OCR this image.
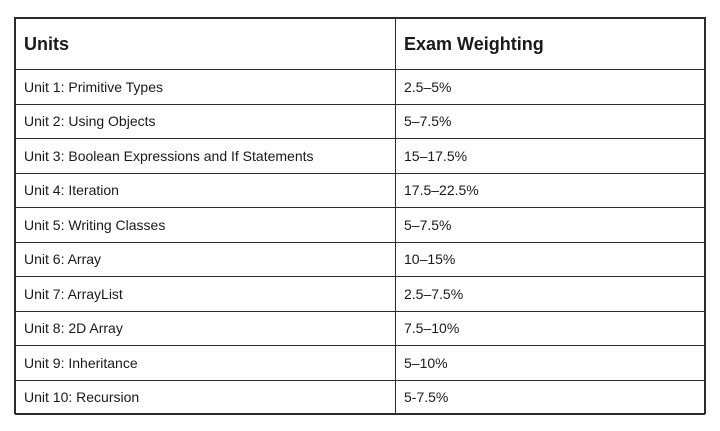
Units	Exam Weighting
Unit 1: Primitive Types	2.5–5%
Unit 2: Using Objects	5–7.5%
Unit 3: Boolean Expressions and If Statements	15–17.5%
Unit 4: Iteration	17.5–22.5%
Unit 5: Writing Classes	5–7.5%
Unit 6: Array	10–15%
Unit 7: ArrayList	2.5–7.5%
Unit 8: 2D Array	7.5–10%
Unit 9: Inheritance	5–10%
Unit 10: Recursion	5-7.5%
